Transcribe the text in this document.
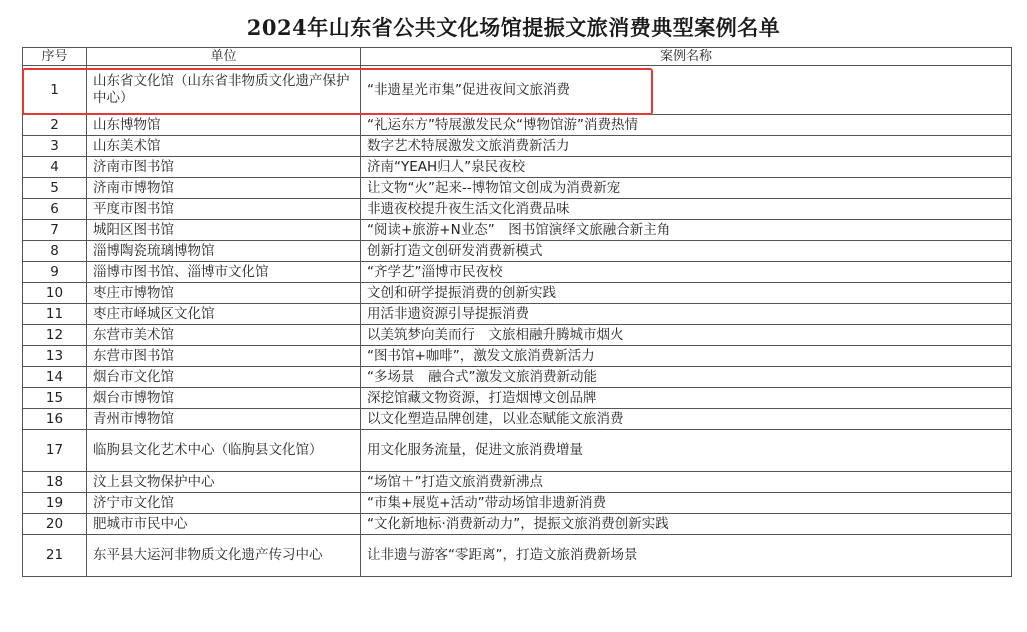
2024年山东省公共文化场馆提振文旅消费典型案例名单
序号	单位	案例名称
1	山东省文化馆（山东省非物质文化遗产保护中心）	“非遗星光市集”促进夜间文旅消费
2	山东博物馆	“礼运东方”特展激发民众“博物馆游”消费热情
3	山东美术馆	数字艺术特展激发文旅消费新活力
4	济南市图书馆	济南“YEAH归人”泉民夜校
5	济南市博物馆	让文物“火”起来--博物馆文创成为消费新宠
6	平度市图书馆	非遗夜校提升夜生活文化消费品味
7	城阳区图书馆	“阅读+旅游+N业态”　图书馆演绎文旅融合新主角
8	淄博陶瓷琉璃博物馆	创新打造文创研发消费新模式
9	淄博市图书馆、淄博市文化馆	“齐学艺”淄博市民夜校
10	枣庄市博物馆	文创和研学提振消费的创新实践
11	枣庄市峄城区文化馆	用活非遗资源引导提振消费
12	东营市美术馆	以美筑梦向美而行　文旅相融升腾城市烟火
13	东营市图书馆	“图书馆+咖啡”，激发文旅消费新活力
14	烟台市文化馆	“多场景　融合式”激发文旅消费新动能
15	烟台市博物馆	深挖馆藏文物资源，打造烟博文创品牌
16	青州市博物馆	以文化塑造品牌创建，以业态赋能文旅消费
17	临朐县文化艺术中心（临朐县文化馆）	用文化服务流量，促进文旅消费增量
18	汶上县文物保护中心	“场馆＋”打造文旅消费新沸点
19	济宁市文化馆	“市集+展览+活动”带动场馆非遗新消费
20	肥城市市民中心	“文化新地标·消费新动力”，提振文旅消费创新实践
21	东平县大运河非物质文化遗产传习中心	让非遗与游客“零距离”，打造文旅消费新场景
